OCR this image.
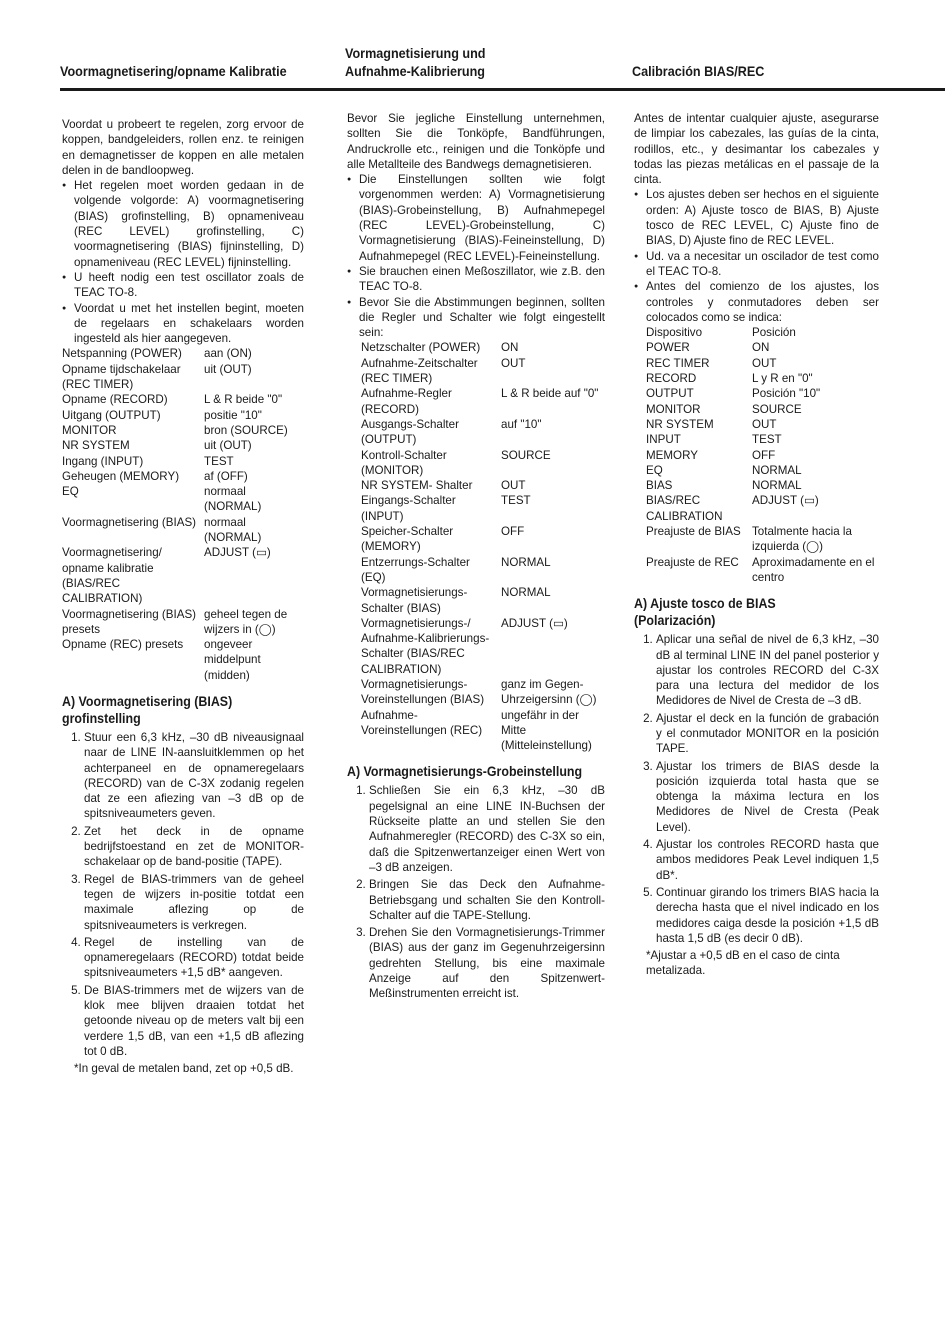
Voormagnetisering/opname Kalibratie
Vormagnetisierung und
Aufnahme-Kalibrierung	Calibración BIAS/REC

Voordat u probeert te regelen, zorg ervoor de koppen, bandgeleiders, rollen enz. te reinigen en demagnetisser de koppen en alle metalen delen in de bandloopweg.

● Het regelen moet worden gedaan in de volgende volgorde: A) voormagnetisering (BIAS) grofinstelling, B) opnameniveau (REC LEVEL) grofinstelling, C) voormagnetisering (BIAS) fijninstelling, D) opnameniveau (REC LEVEL) fijninstelling.

● U heeft nodig een test oscillator zoals de TEAC TO-8.

● Voordat u met het instellen begint, moeten de regelaars en schakelaars worden ingesteld als hier aangegeven.

Netspanning (POWER)	aan (ON)
Opname tijdschakelaar (REC TIMER)	uit (OUT)
Opname (RECORD)	L & R beide "0"
Uitgang (OUTPUT)	positie "10"
MONITOR	bron (SOURCE)
NR SYSTEM	uit (OUT)
Ingang (INPUT)	TEST
Geheugen (MEMORY)	af (OFF)
EQ	normaal (NORMAL)
Voormagnetisering (BIAS)	normaal (NORMAL)
Voormagnetisering/ opname kalibratie (BIAS/REC CALIBRATION)	ADJUST (▭)
Voormagnetisering (BIAS) presets	geheel tegen de wijzers in (◯)
Opname (REC) presets	ongeveer middelpunt (midden)
A) Voormagnetisering (BIAS) grofinstelling
1. Stuur een 6,3 kHz, –30 dB niveausignaal naar de LINE IN-aansluitklemmen op het achterpaneel en de opnameregelaars (RECORD) van de C-3X zodanig regelen dat ze een afiezing van –3 dB op de spitsniveaumeters geven.
2. Zet het deck in de opname bedrijfstoestand en zet de MONITOR-schakelaar op de band-positie (TAPE).
3. Regel de BIAS-trimmers van de geheel tegen de wijzers in-positie totdat een maximale aflezing op de spitsniveaumeters is verkregen.
4. Regel de instelling van de opnameregelaars (RECORD) totdat beide spitsniveaumeters +1,5 dB* aangeven.
5. De BIAS-trimmers met de wijzers van de klok mee blijven draaien totdat het getoonde niveau op de meters valt bij een verdere 1,5 dB, van een +1,5 dB aflezing tot 0 dB.

*In geval de metalen band, zet op +0,5 dB.

Bevor Sie jegliche Einstellung unternehmen, sollten Sie die Tonköpfe, Bandführungen, Andruckrolle etc., reinigen und die Tonköpfe und alle Metallteile des Bandwegs demagnetisieren.

● Die Einstellungen sollten wie folgt vorgenommen werden: A) Vormagnetisierung (BIAS)-Grobeinstellung, B) Aufnahmepegel (REC LEVEL)-Grobeinstellung, C) Vormagnetisierung (BIAS)-Feineinstellung, D) Aufnahmepegel (REC LEVEL)-Feineinstellung.

● Sie brauchen einen Meßoszillator, wie z.B. den TEAC TO-8.

● Bevor Sie die Abstimmungen beginnen, sollten die Regler und Schalter wie folgt eingestellt sein:

Netzschalter (POWER)	ON
Aufnahme-Zeitschalter (REC TIMER)	OUT
Aufnahme-Regler (RECORD)	L & R beide auf "0"
Ausgangs-Schalter (OUTPUT)	auf "10"
Kontroll-Schalter (MONITOR)	SOURCE
NR SYSTEM- Shalter	OUT
Eingangs-Schalter (INPUT)	TEST
Speicher-Schalter (MEMORY)	OFF
Entzerrungs-Schalter (EQ)	NORMAL
Vormagnetisierungs-Schalter (BIAS)	NORMAL
Vormagnetisierungs-/ Aufnahme-Kalibrierungs-Schalter (BIAS/REC CALIBRATION)	ADJUST (▭)
Vormagnetisierungs-Voreinstellungen (BIAS)	ganz im Gegen-Uhrzeigersinn (◯)
Aufnahme-Voreinstellungen (REC)	ungefähr in der Mitte (Mitteleinstellung)
A) Vormagnetisierungs-Grobeinstellung
1. Schließen Sie ein 6,3 kHz, –30 dB pegelsignal an eine LINE IN-Buchsen der Rückseite platte an und stellen Sie den Aufnahmeregler (RECORD) des C-3X so ein, daß die Spitzenwertanzeiger einen Wert von –3 dB anzeigen.
2. Bringen Sie das Deck den Aufnahme-Betriebsgang und schalten Sie den Kontroll-Schalter auf die TAPE-Stellung.
3. Drehen Sie den Vormagnetisierungs-Trimmer (BIAS) aus der ganz im Gegenuhrzeigersinn gedrehten Stellung, bis eine maximale Anzeige auf den Spitzenwert-Meßinstrumenten erreicht ist.

Antes de intentar cualquier ajuste, asegurarse de limpiar los cabezales, las guías de la cinta, rodillos, etc., y desimantar los cabezales y todas las piezas metálicas en el passaje de la cinta.

● Los ajustes deben ser hechos en el siguiente orden: A) Ajuste tosco de BIAS, B) Ajuste tosco de REC LEVEL, C) Ajuste fino de BIAS, D) Ajuste fino de REC LEVEL.

● Ud. va a necesitar un oscilador de test como el TEAC TO-8.

● Antes del comienzo de los ajustes, los controles y conmutadores deben ser colocados como se indica:

Dispositivo	Posición
POWER	ON
REC TIMER	OUT
RECORD	L y R en "0"
OUTPUT	Posición "10"
MONITOR	SOURCE
NR SYSTEM	OUT
INPUT	TEST
MEMORY	OFF
EQ	NORMAL
BIAS	NORMAL
BIAS/REC CALIBRATION	ADJUST (▭)
Preajuste de BIAS	Totalmente hacia la izquierda (◯)
Preajuste de REC	Aproximadamente en el centro
A) Ajuste tosco de BIAS (Polarización)
1. Aplicar una señal de nivel de 6,3 kHz, –30 dB al terminal LINE IN del panel posterior y ajustar los controles RECORD del C-3X para una lectura del medidor de los Medidores de Nivel de Cresta de –3 dB.
2. Ajustar el deck en la función de grabación y el conmutador MONITOR en la posición TAPE.
3. Ajustar los trimers de BIAS desde la posición izquierda total hasta que se obtenga la máxima lectura en los Medidores de Nivel de Cresta (Peak Level).
4. Ajustar los controles RECORD hasta que ambos medidores Peak Level indiquen 1,5 dB*.
5. Continuar girando los trimers BIAS hacia la derecha hasta que el nivel indicado en los medidores caiga desde la posición +1,5 dB hasta 1,5 dB (es decir 0 dB).

*Ajustar a +0,5 dB en el caso de cinta metalizada.
